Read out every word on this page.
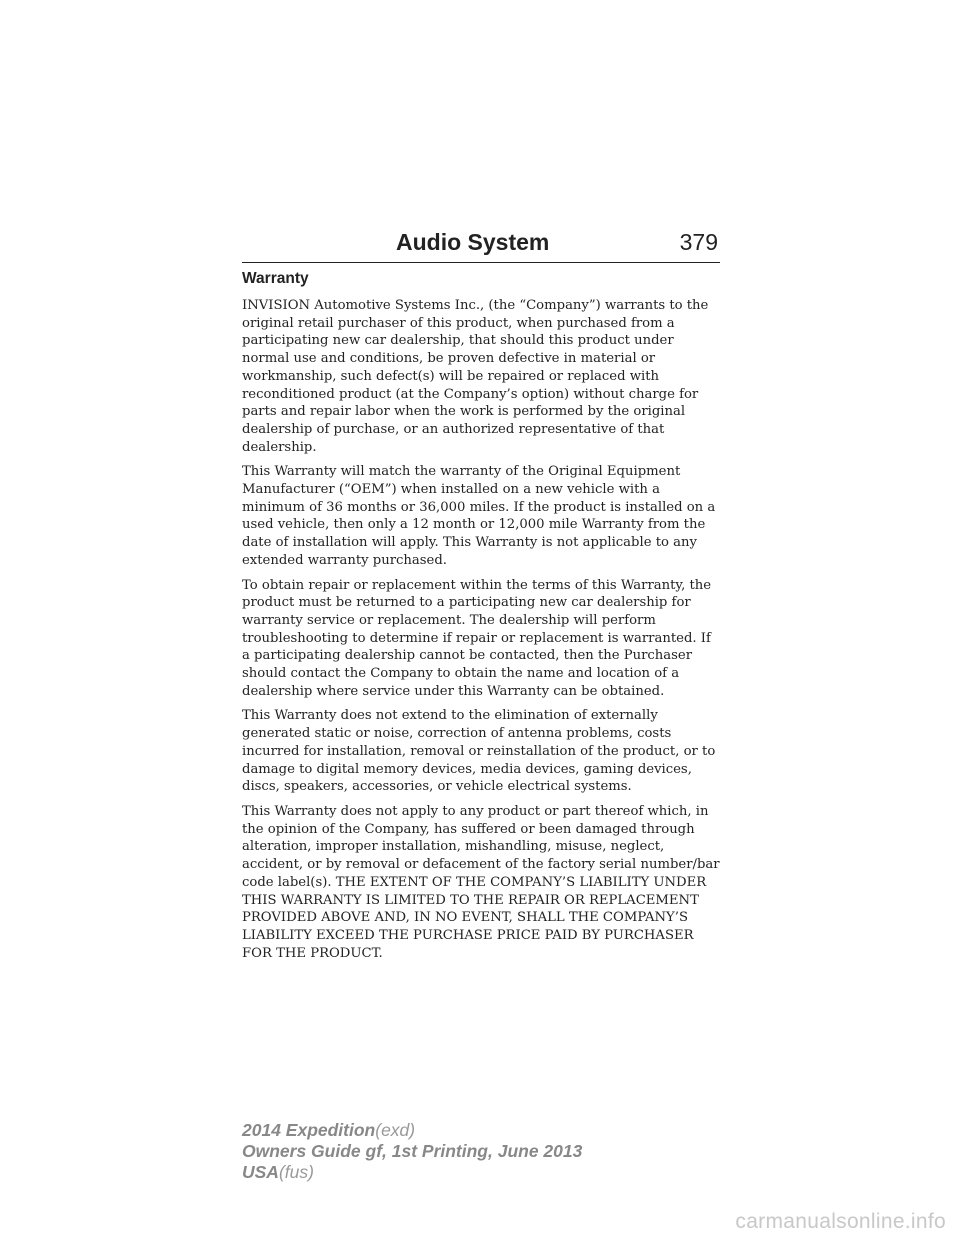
Audio System	379
Warranty

INVISION Automotive Systems Inc., (the “Company”) warrants to the original retail purchaser of this product, when purchased from a participating new car dealership, that should this product under normal use and conditions, be proven defective in material or workmanship, such defect(s) will be repaired or replaced with reconditioned product (at the Company’s option) without charge for parts and repair labor when the work is performed by the original dealership of purchase, or an authorized representative of that dealership.

This Warranty will match the warranty of the Original Equipment Manufacturer (“OEM”) when installed on a new vehicle with a minimum of 36 months or 36,000 miles. If the product is installed on a used vehicle, then only a 12 month or 12,000 mile Warranty from the date of installation will apply. This Warranty is not applicable to any extended warranty purchased.

To obtain repair or replacement within the terms of this Warranty, the product must be returned to a participating new car dealership for warranty service or replacement. The dealership will perform troubleshooting to determine if repair or replacement is warranted. If a participating dealership cannot be contacted, then the Purchaser should contact the Company to obtain the name and location of a dealership where service under this Warranty can be obtained.

This Warranty does not extend to the elimination of externally generated static or noise, correction of antenna problems, costs incurred for installation, removal or reinstallation of the product, or to damage to digital memory devices, media devices, gaming devices, discs, speakers, accessories, or vehicle electrical systems.

This Warranty does not apply to any product or part thereof which, in the opinion of the Company, has suffered or been damaged through alteration, improper installation, mishandling, misuse, neglect, accident, or by removal or defacement of the factory serial number/bar code label(s). THE EXTENT OF THE COMPANY’S LIABILITY UNDER THIS WARRANTY IS LIMITED TO THE REPAIR OR REPLACEMENT PROVIDED ABOVE AND, IN NO EVENT, SHALL THE COMPANY’S LIABILITY EXCEED THE PURCHASE PRICE PAID BY PURCHASER FOR THE PRODUCT.

2014 Expedition(exd)
Owners Guide gf, 1st Printing, June 2013
USA(fus)
carmanualsonline.info
